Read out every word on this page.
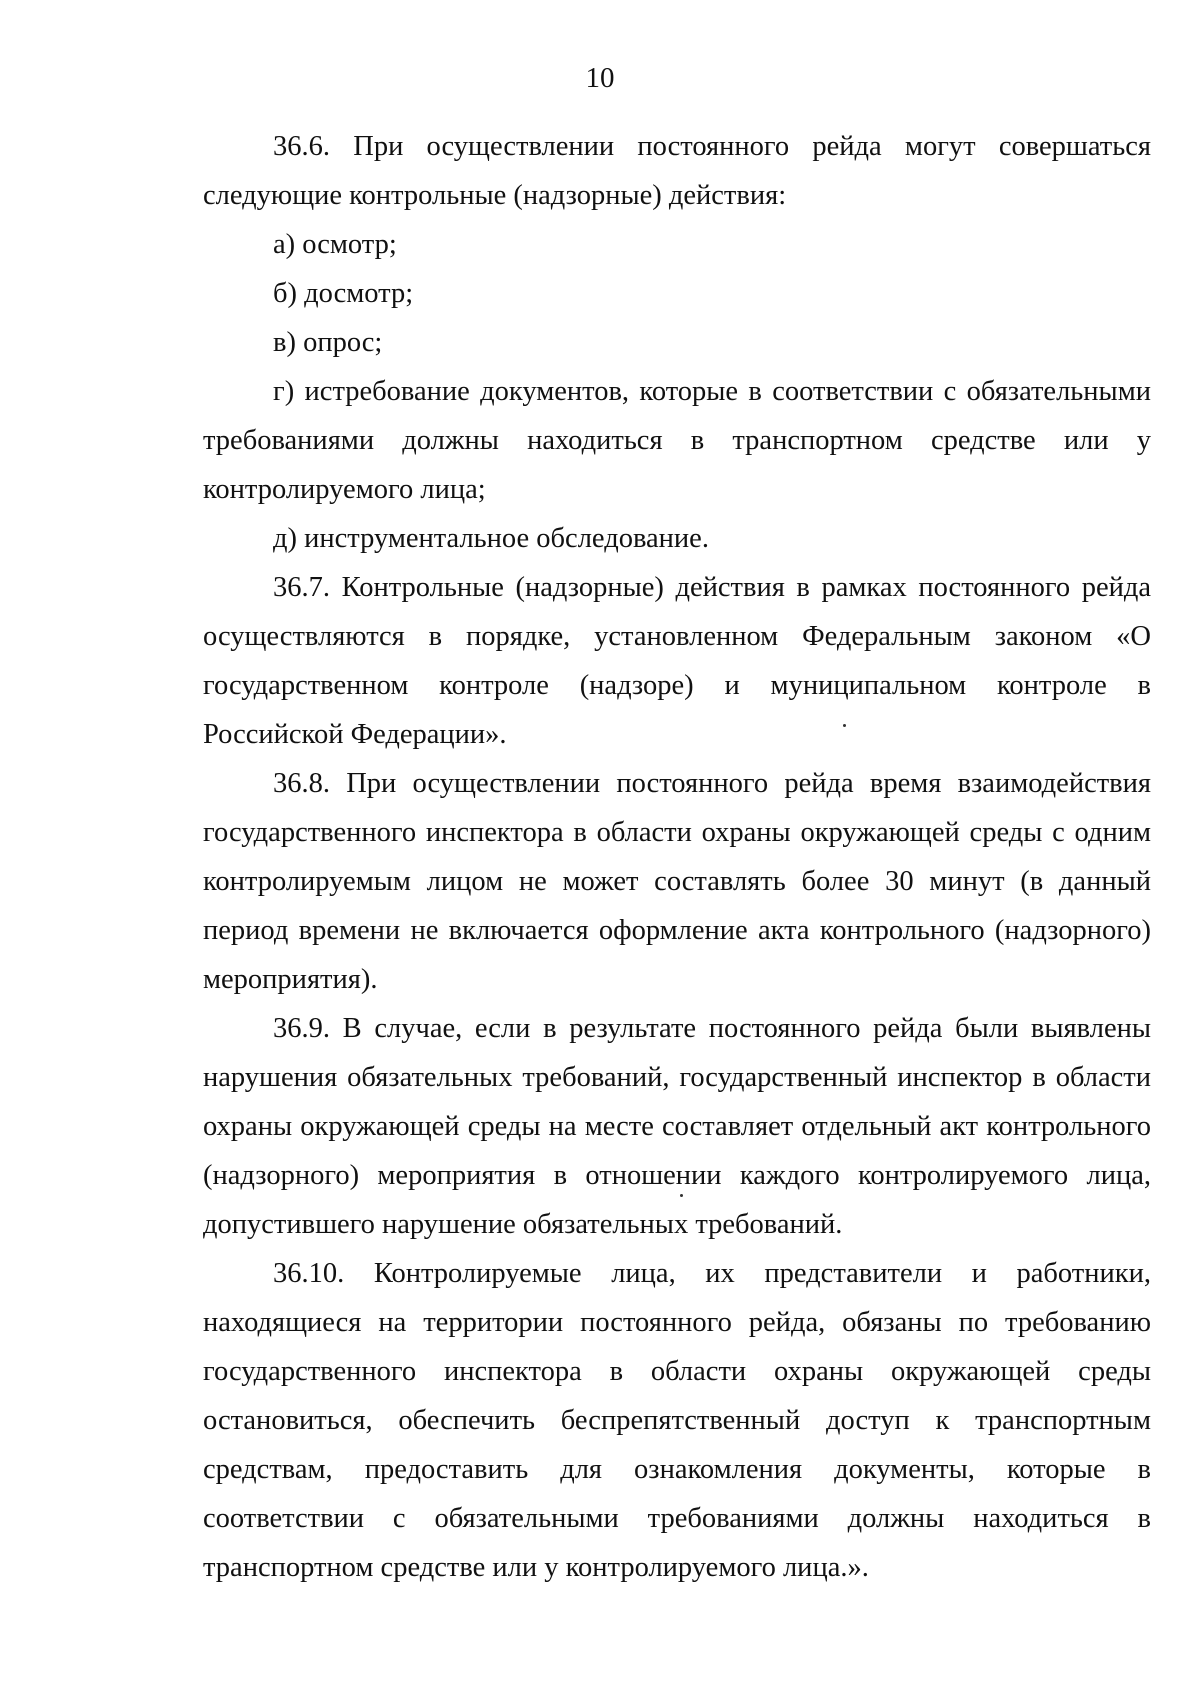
10

36.6. При осуществлении постоянного рейда могут совершаться следующие контрольные (надзорные) действия:

а) осмотр;

б) досмотр;

в) опрос;

г) истребование документов, которые в соответствии с обязательными требованиями должны находиться в транспортном средстве или у контролируемого лица;

д) инструментальное обследование.

36.7. Контрольные (надзорные) действия в рамках постоянного рейда осуществляются в порядке, установленном Федеральным законом «О государственном контроле (надзоре) и муниципальном контроле в Российской Федерации».

36.8. При осуществлении постоянного рейда время взаимодействия государственного инспектора в области охраны окружающей среды с одним контролируемым лицом не может составлять более 30 минут (в данный период времени не включается оформление акта контрольного (надзорного) мероприятия).

36.9. В случае, если в результате постоянного рейда были выявлены нарушения обязательных требований, государственный инспектор в области охраны окружающей среды на месте составляет отдельный акт контрольного (надзорного) мероприятия в отношении каждого контролируемого лица, допустившего нарушение обязательных требований.

36.10. Контролируемые лица, их представители и работники, находящиеся на территории постоянного рейда, обязаны по требованию государственного инспектора в области охраны окружающей среды остановиться, обеспечить беспрепятственный доступ к транспортным средствам, предоставить для ознакомления документы, которые в соответствии с обязательными требованиями должны находиться в транспортном средстве или у контролируемого лица.».
